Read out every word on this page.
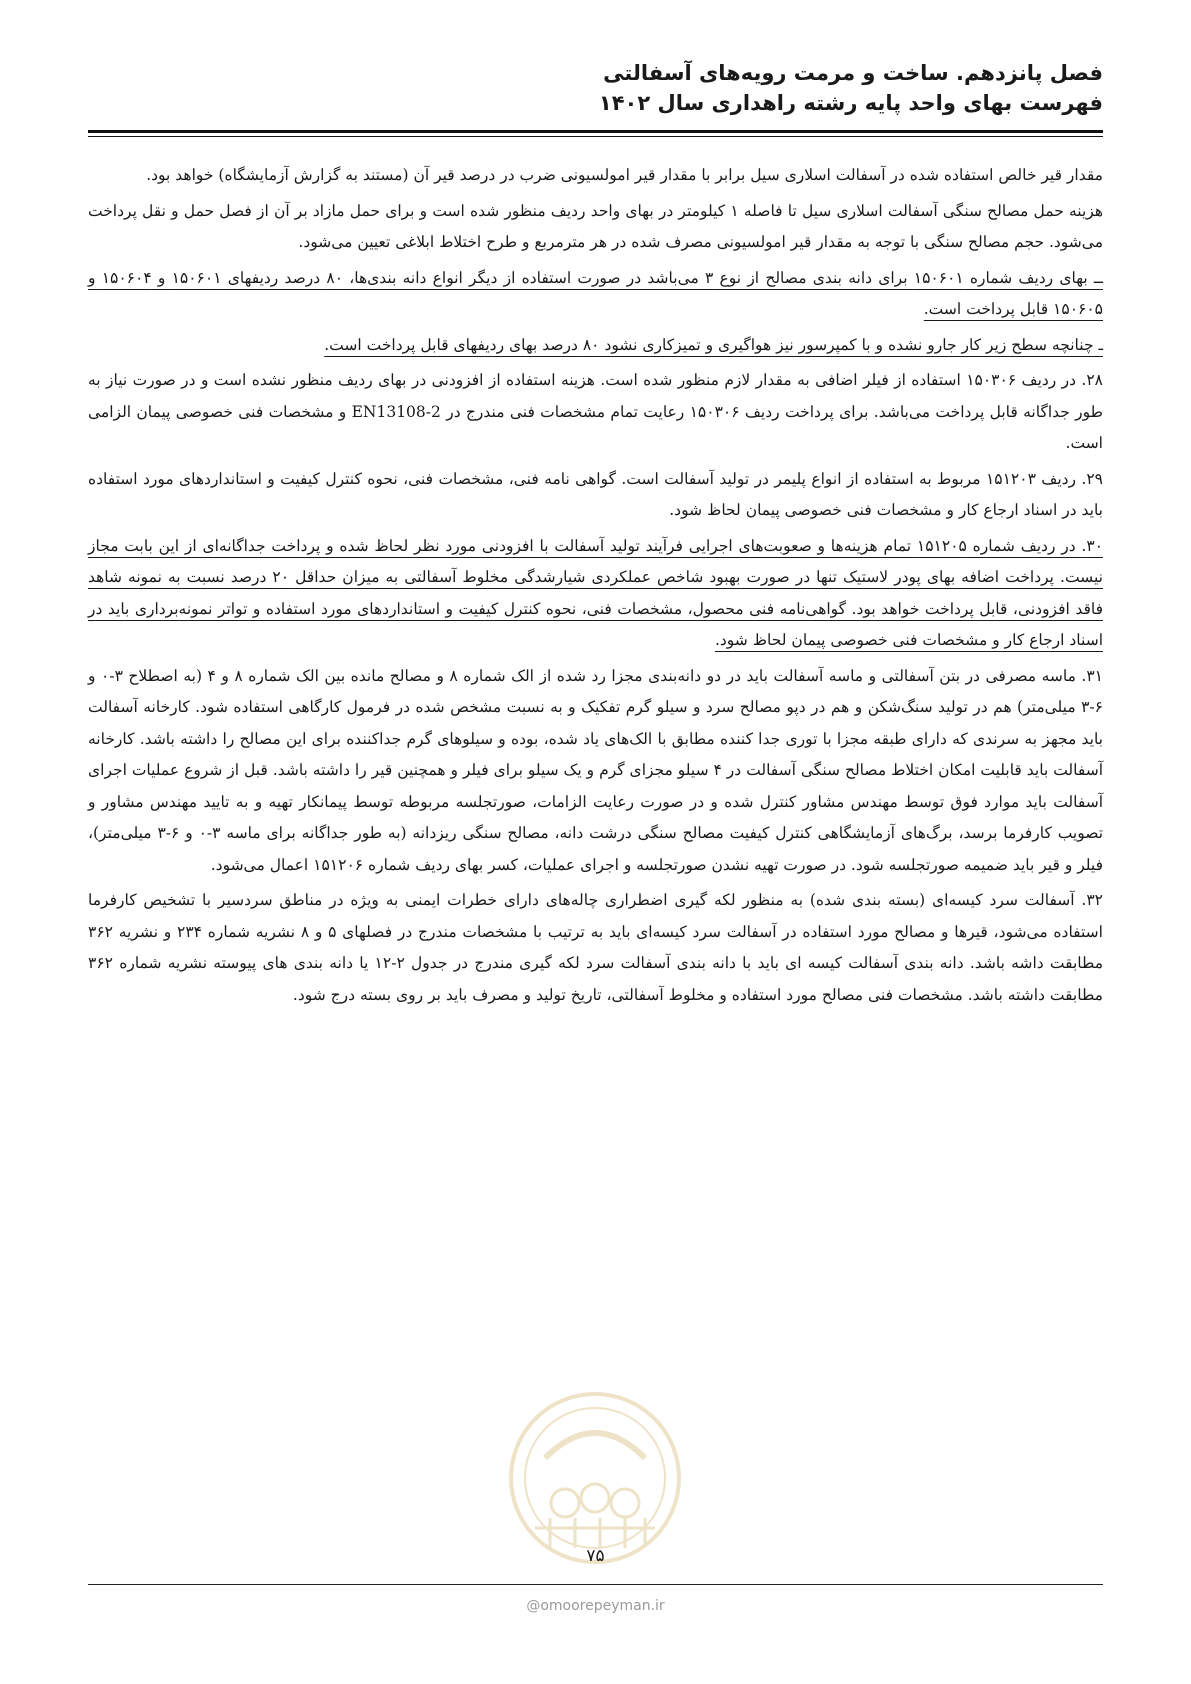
فصل پانزدهم. ساخت و مرمت رویه‌های آسفالتی
فهرست بهای واحد پایه رشته راهداری سال ۱۴۰۲

مقدار قیر خالص استفاده شده در آسفالت اسلاری سیل برابر با مقدار قیر امولسیونی ضرب در درصد قیر آن (مستند به گزارش آزمایشگاه) خواهد بود.

هزینه حمل مصالح سنگی آسفالت اسلاری سیل تا فاصله ۱ کیلومتر در بهای واحد ردیف منظور شده است و برای حمل مازاد بر آن از فصل حمل و نقل پرداخت می‌شود. حجم مصالح سنگی با توجه به مقدار قیر امولسیونی مصرف شده در هر مترمربع و طرح اختلاط ابلاغی تعیین می‌شود.

ــ بهای ردیف شماره ۱۵۰۶۰۱ برای دانه بندی مصالح از نوع ۳ می‌باشد در صورت استفاده از دیگر انواع دانه بندی‌ها، ۸۰ درصد ردیفهای ۱۵۰۶۰۱ و ۱۵۰۶۰۴ و ۱۵۰۶۰۵ قابل پرداخت است.

ـ چنانچه سطح زیر کار جارو نشده و با کمپرسور نیز هواگیری و تمیزکاری نشود ۸۰ درصد بهای ردیفهای قابل پرداخت است.

۲۸. در ردیف ۱۵۰۳۰۶ استفاده از فیلر اضافی به مقدار لازم منظور شده است. هزینه استفاده از افزودنی در بهای ردیف منظور نشده است و در صورت نیاز به طور جداگانه قابل پرداخت می‌باشد. برای پرداخت ردیف ۱۵۰۳۰۶ رعایت تمام مشخصات فنی مندرج در EN13108-2 و مشخصات فنی خصوصی پیمان الزامی است.

۲۹. ردیف ۱۵۱۲۰۳ مربوط به استفاده از انواع پلیمر در تولید آسفالت است. گواهی نامه فنی، مشخصات فنی، نحوه کنترل کیفیت و استانداردهای مورد استفاده باید در اسناد ارجاع کار و مشخصات فنی خصوصی پیمان لحاظ شود.

۳۰. در ردیف شماره ۱۵۱۲۰۵ تمام هزینه‌ها و صعوبت‌های اجرایی فرآیند تولید آسفالت با افزودنی مورد نظر لحاظ شده و پرداخت جداگانه‌ای از این بابت مجاز نیست. پرداخت اضافه بهای پودر لاستیک تنها در صورت بهبود شاخص عملکردی شیارشدگی مخلوط آسفالتی به میزان حداقل ۲۰ درصد نسبت به نمونه شاهد فاقد افزودنی، قابل پرداخت خواهد بود. گواهی‌نامه فنی محصول، مشخصات فنی، نحوه کنترل کیفیت و استانداردهای مورد استفاده و تواتر نمونه‌برداری باید در اسناد ارجاع کار و مشخصات فنی خصوصی پیمان لحاظ شود.

۳۱. ماسه مصرفی در بتن آسفالتی و ماسه آسفالت باید در دو دانه‌بندی مجزا رد شده از الک شماره ۸ و مصالح مانده بین الک شماره ۸ و ۴ (به اصطلاح ۳-۰ و ۶-۳ میلی‌متر) هم در تولید سنگ‌شکن و هم در دپو مصالح سرد و سیلو گرم تفکیک و به نسبت مشخص شده در فرمول کارگاهی استفاده شود. کارخانه آسفالت باید مجهز به سرندی که دارای طبقه مجزا با توری جدا کننده مطابق با الک‌های یاد شده، بوده و سیلوهای گرم جداکننده برای این مصالح را داشته باشد. کارخانه آسفالت باید قابلیت امکان اختلاط مصالح سنگی آسفالت در ۴ سیلو مجزای گرم و یک سیلو برای فیلر و همچنین قیر را داشته باشد. قبل از شروع عملیات اجرای آسفالت باید موارد فوق توسط مهندس مشاور کنترل شده و در صورت رعایت الزامات، صورتجلسه مربوطه توسط پیمانکار تهیه و به تایید مهندس مشاور و تصویب کارفرما برسد، برگ‌های آزمایشگاهی کنترل کیفیت مصالح سنگی درشت دانه، مصالح سنگی ریزدانه (به طور جداگانه برای ماسه ۳-۰ و ۶-۳ میلی‌متر)، فیلر و قیر باید ضمیمه صورتجلسه شود. در صورت تهیه نشدن صورتجلسه و اجرای عملیات، کسر بهای ردیف شماره ۱۵۱۲۰۶ اعمال می‌شود.

۳۲. آسفالت سرد کیسه‌ای (بسته بندی شده) به منظور لکه گیری اضطراری چاله‌های دارای خطرات ایمنی به ویژه در مناطق سردسیر با تشخیص کارفرما استفاده می‌شود، قیرها و مصالح مورد استفاده در آسفالت سرد کیسه‌ای باید به ترتیب با مشخصات مندرج در فصلهای ۵ و ۸ نشریه شماره ۲۳۴ و نشریه ۳۶۲ مطابقت داشه باشد. دانه بندی آسفالت کیسه ای باید با دانه بندی آسفالت سرد لکه گیری مندرج در جدول ۲-۱۲ یا دانه بندی های پیوسته نشریه شماره ۳۶۲ مطابقت داشته باشد. مشخصات فنی مصالح مورد استفاده و مخلوط آسفالتی، تاریخ تولید و مصرف باید بر روی بسته درج شود.

۷۵
@omoorepeyman.ir
